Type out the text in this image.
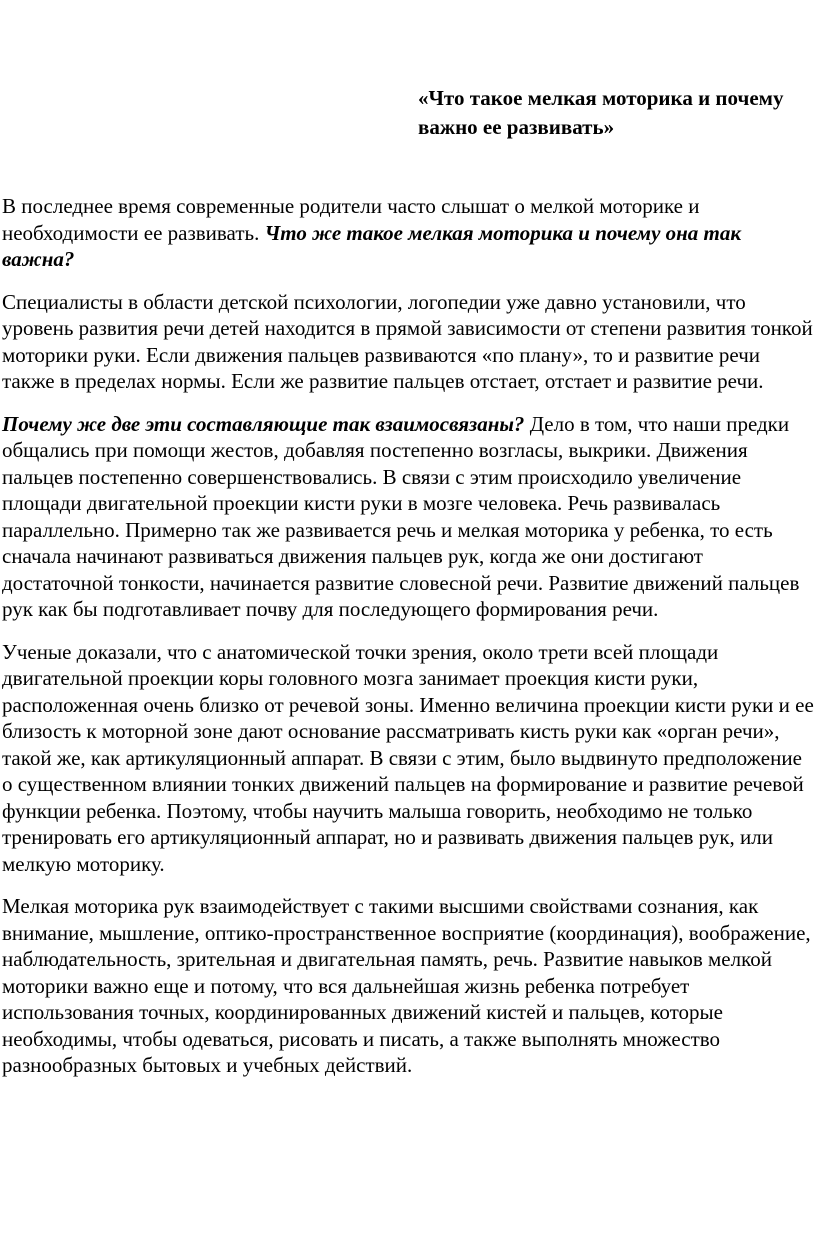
«Что такое мелкая моторика и почему важно ее развивать»

В последнее время современные родители часто слышат о мелкой моторике и необходимости ее развивать. Что же такое мелкая моторика и почему она так важна?

Специалисты в области детской психологии, логопедии уже давно установили, что уровень развития речи детей находится в прямой зависимости от степени развития тонкой моторики руки. Если движения пальцев развиваются «по плану», то и развитие речи также в пределах нормы. Если же развитие пальцев отстает, отстает и развитие речи.

Почему же две эти составляющие так взаимосвязаны? Дело в том, что наши предки общались при помощи жестов, добавляя постепенно возгласы, выкрики. Движения пальцев постепенно совершенствовались. В связи с этим происходило увеличение площади двигательной проекции кисти руки в мозге человека. Речь развивалась параллельно. Примерно так же развивается речь и мелкая моторика у ребенка, то есть сначала начинают развиваться движения пальцев рук, когда же они достигают достаточной тонкости, начинается развитие словесной речи. Развитие движений пальцев рук как бы подготавливает почву для последующего формирования речи.

Ученые доказали, что с анатомической точки зрения, около трети всей площади двигательной проекции коры головного мозга занимает проекция кисти руки, расположенная очень близко от речевой зоны. Именно величина проекции кисти руки и ее близость к моторной зоне дают основание рассматривать кисть руки как «орган речи», такой же, как артикуляционный аппарат. В связи с этим, было выдвинуто предположение о существенном влиянии тонких движений пальцев на формирование и развитие речевой функции ребенка. Поэтому, чтобы научить малыша говорить, необходимо не только тренировать его артикуляционный аппарат, но и развивать движения пальцев рук, или мелкую моторику.

Мелкая моторика рук взаимодействует с такими высшими свойствами сознания, как внимание, мышление, оптико-пространственное восприятие (координация), воображение, наблюдательность, зрительная и двигательная память, речь. Развитие навыков мелкой моторики важно еще и потому, что вся дальнейшая жизнь ребенка потребует использования точных, координированных движений кистей и пальцев, которые необходимы, чтобы одеваться, рисовать и писать, а также выполнять множество разнообразных бытовых и учебных действий.
